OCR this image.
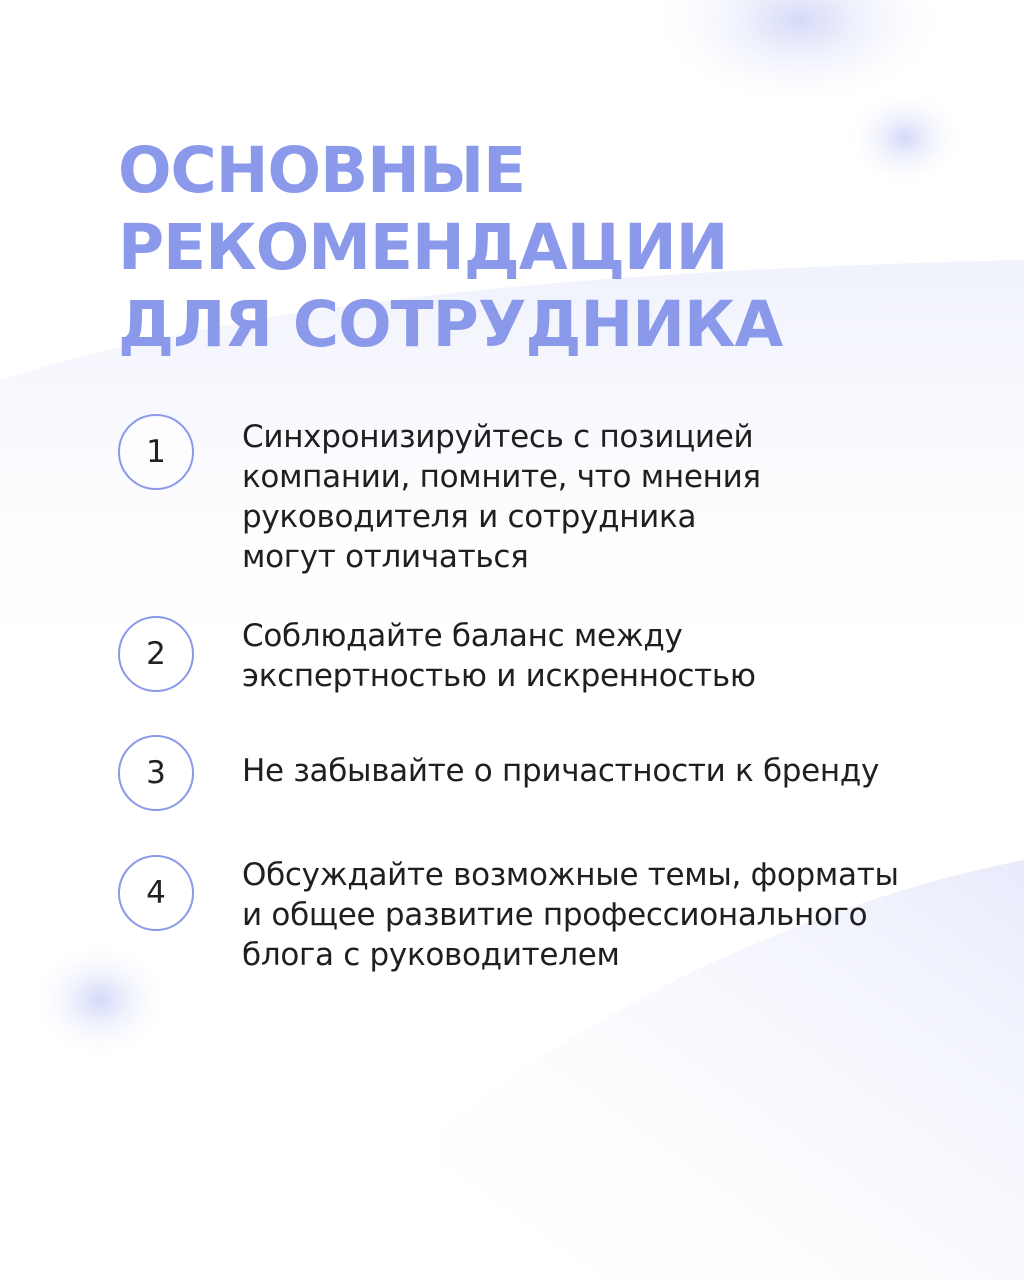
ОСНОВНЫЕ
РЕКОМЕНДАЦИИ
ДЛЯ СОТРУДНИКА
1 Синхронизируйтесь с позицией
компании, помните, что мнения
руководителя и сотрудника
могут отличаться
2 Соблюдайте баланс между
экспертностью и искренностью
3 Не забывайте о причастности к бренду
4 Обсуждайте возможные темы, форматы
и общее развитие профессионального
блога с руководителем
